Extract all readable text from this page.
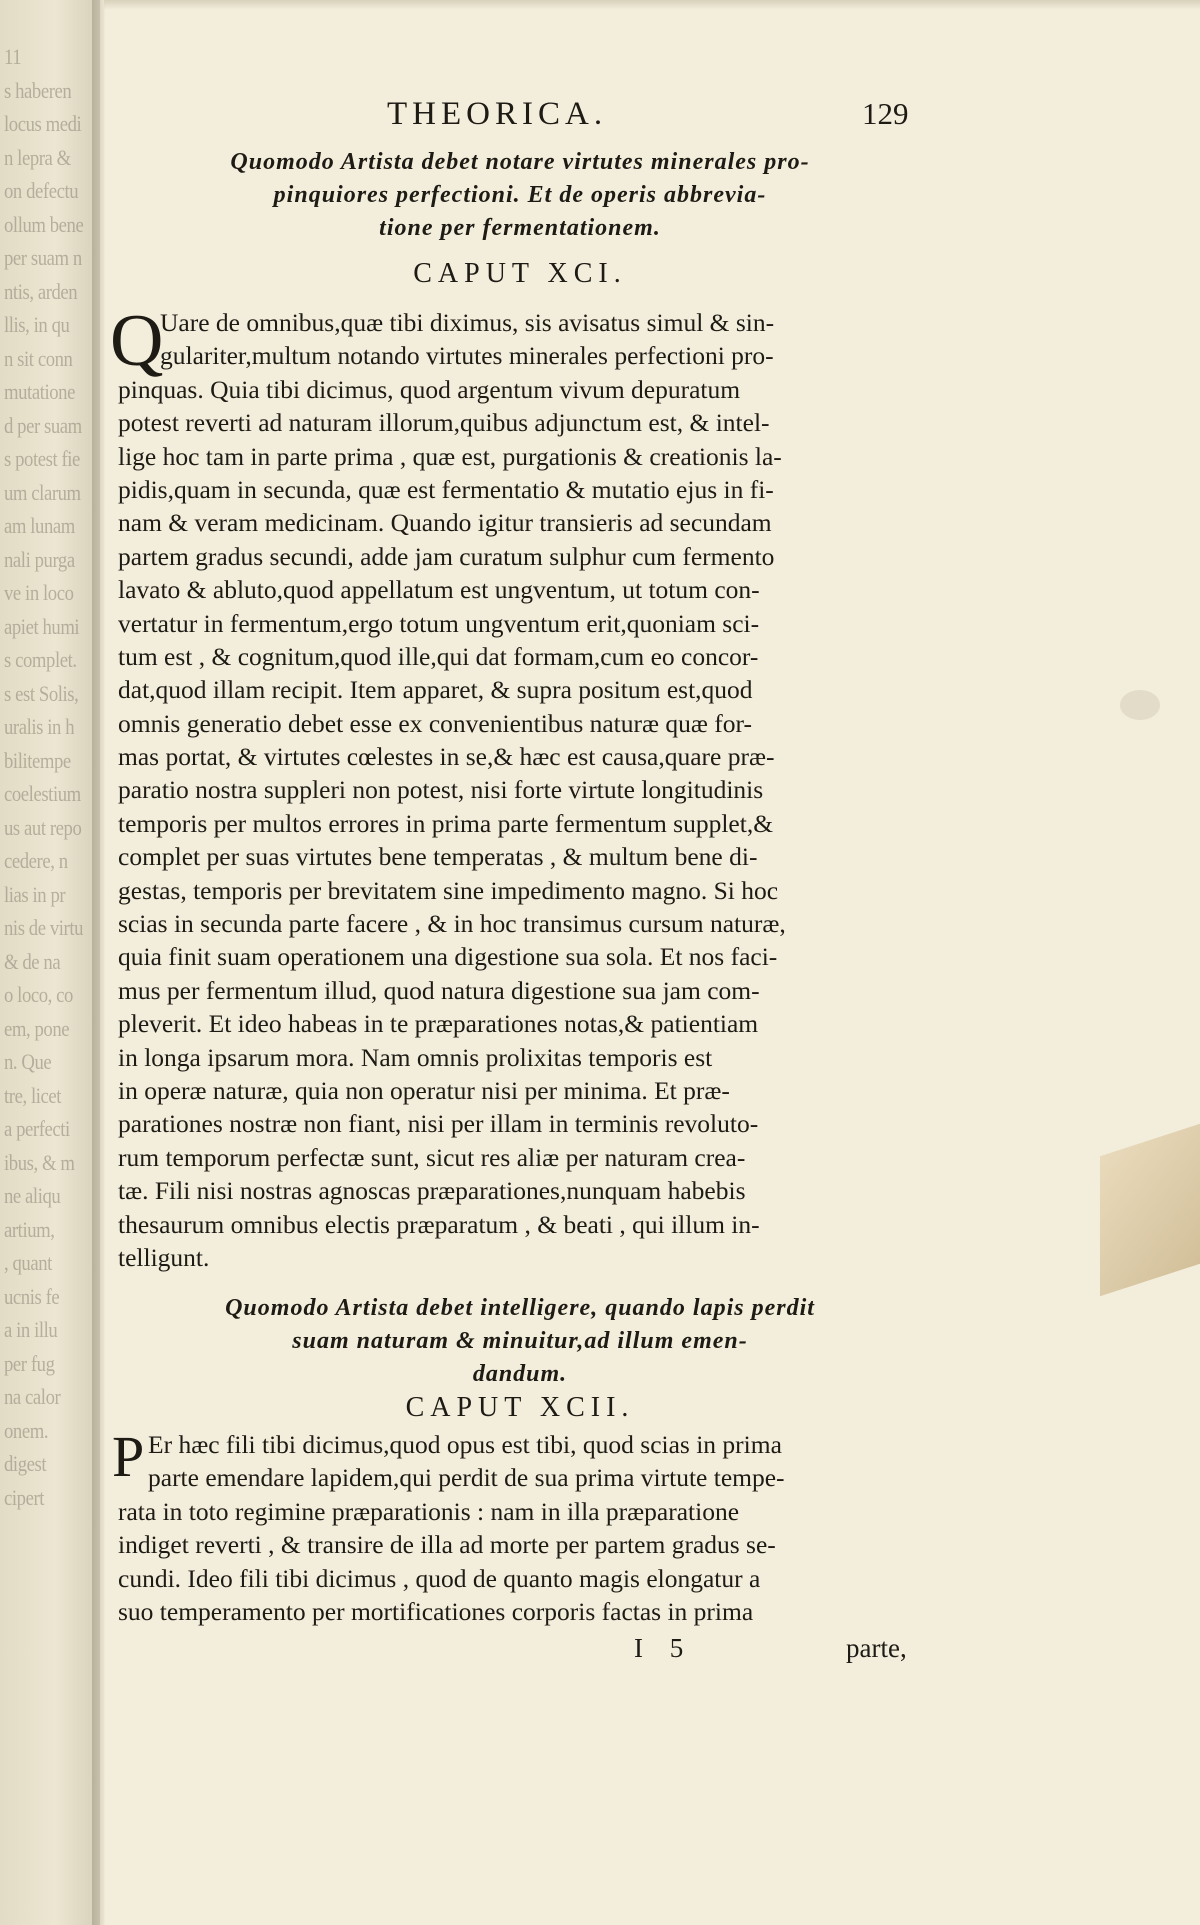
11
s haberen
locus medi
n lepra &
on defectu
ollum bene
per suam n
ntis, arden
llis, in qu
n sit conn
mutatione
d per suam
s potest fie
um clarum
am lunam
nali purga
ve in loco
apiet humi
s complet.
s est Solis,
uralis in h
bilitempe
coelestium
us aut repo
cedere, n
lias in pr
nis de virtu
& de na
o loco, co
em, pone
n. Que
tre, licet
a perfecti
ibus, & m
ne aliqu
artium,
, quant
ucnis fe
a in illu
per fug
na calor
onem.
digest
cipert
THEORICA.	129
Quomodo Artista debet notare virtutes minerales pro-
pinquiores perfectioni. Et de operis abbrevia-
tione per fermentationem.
CAPUT XCI.
Q
Uare de omnibus,quæ tibi diximus, sis avisatus simul & sin-
gulariter,multum notando virtutes minerales perfectioni pro-
pinquas. Quia tibi dicimus, quod argentum vivum depuratum
potest reverti ad naturam illorum,quibus adjunctum est, & intel-
lige hoc tam in parte prima , quæ est, purgationis & creationis la-
pidis,quam in secunda, quæ est fermentatio & mutatio ejus in fi-
nam & veram medicinam. Quando igitur transieris ad secundam
partem gradus secundi, adde jam curatum sulphur cum fermento
lavato & abluto,quod appellatum est ungventum, ut totum con-
vertatur in fermentum,ergo totum ungventum erit,quoniam sci-
tum est , & cognitum,quod ille,qui dat formam,cum eo concor-
dat,quod illam recipit. Item apparet, & supra positum est,quod
omnis generatio debet esse ex convenientibus naturæ quæ for-
mas portat, & virtutes cœlestes in se,& hæc est causa,quare præ-
paratio nostra suppleri non potest, nisi forte virtute longitudinis
temporis per multos errores in prima parte fermentum supplet,&
complet per suas virtutes bene temperatas , & multum bene di-
gestas, temporis per brevitatem sine impedimento magno. Si hoc
scias in secunda parte facere , & in hoc transimus cursum naturæ,
quia finit suam operationem una digestione sua sola. Et nos faci-
mus per fermentum illud, quod natura digestione sua jam com-
pleverit. Et ideo habeas in te præparationes notas,& patientiam
in longa ipsarum mora. Nam omnis prolixitas temporis est
in operæ naturæ, quia non operatur nisi per minima. Et præ-
parationes nostræ non fiant, nisi per illam in terminis revoluto-
rum temporum perfectæ sunt, sicut res aliæ per naturam crea-
tæ. Fili nisi nostras agnoscas præparationes,nunquam habebis
thesaurum omnibus electis præparatum , & beati , qui illum in-
telligunt.
Quomodo Artista debet intelligere, quando lapis perdit
suam naturam & minuitur,ad illum emen-
dandum.
CAPUT XCII.
P Er hæc fili tibi dicimus,quod opus est tibi, quod scias in prima
parte emendare lapidem,qui perdit de sua prima virtute tempe-
rata in toto regimine præparationis : nam in illa præparatione
indiget reverti , & transire de illa ad morte per partem gradus se-
cundi. Ideo fili tibi dicimus , quod de quanto magis elongatur a
suo temperamento per mortificationes corporis factas in prima
I 5	parte,
